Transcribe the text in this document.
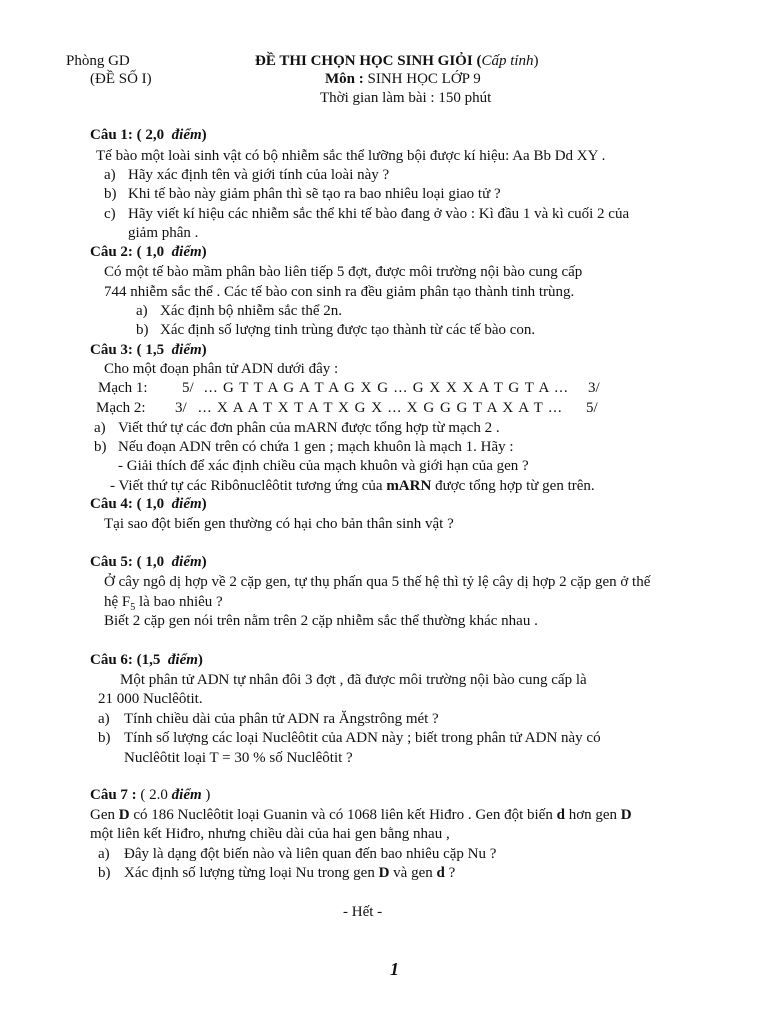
Phòng GD
(ĐỀ SỐ I)
ĐỀ THI CHỌN HỌC SINH GIỎI (Cấp tỉnh)
Môn : SINH HỌC LỚP 9
Thời gian làm bài : 150 phút
Câu 1: ( 2,0 điểm)
Tế bào một loài sinh vật có bộ nhiễm sắc thể lưỡng bội được kí hiệu: Aa Bb Dd XY .
a) Hãy xác định tên và giới tính của loài này ?
b) Khi tế bào này giảm phân thì sẽ tạo ra bao nhiêu loại giao tử ?
c) Hãy viết kí hiệu các nhiễm sắc thể khi tế bào đang ở vào : Kì đầu 1 và kì cuối 2 của
giảm phân .
Câu 2: ( 1,0 điểm)
Có một tế bào mầm phân bào liên tiếp 5 đợt, được môi trường nội bào cung cấp
744 nhiễm sắc thể . Các tế bào con sinh ra đều giảm phân tạo thành tinh trùng.
a) Xác định bộ nhiễm sắc thể 2n.
b) Xác định số lượng tinh trùng được tạo thành từ các tế bào con.
Câu 3: ( 1,5 điểm)
Cho một đoạn phân tử ADN dưới đây :
Mạch 1: 5/ ... G T T A G A T A G X G ... G X X X A T G T A ... 3/
Mạch 2: 3/ ... X A A T X T A T X G X ... X G G G T A X A T ... 5/
a) Viết thứ tự các đơn phân của mARN được tổng hợp từ mạch 2 .
b) Nếu đoạn ADN trên có chứa 1 gen ; mạch khuôn là mạch 1. Hãy :
- Giải thích để xác định chiều của mạch khuôn và giới hạn của gen ?
- Viết thứ tự các Ribônuclêôtit tương ứng của mARN được tổng hợp từ gen trên.
Câu 4: ( 1,0 điểm)
Tại sao đột biến gen thường có hại cho bản thân sinh vật ?
Câu 5: ( 1,0 điểm)
Ở cây ngô dị hợp về 2 cặp gen, tự thụ phấn qua 5 thế hệ thì tỷ lệ cây dị hợp 2 cặp gen ở thế
hệ $F_5$ là bao nhiêu ?
Biết 2 cặp gen nói trên nằm trên 2 cặp nhiễm sắc thể thường khác nhau .
Câu 6: (1,5 điểm)
Một phân tử ADN tự nhân đôi 3 đợt , đã được môi trường nội bào cung cấp là
21 000 Nuclêôtit.
a) Tính chiều dài của phân tử ADN ra Ăngstrông mét ?
b) Tính số lượng các loại Nuclêôtit của ADN này ; biết trong phân tử ADN này có
Nuclêôtit loại T = 30 % số Nuclêôtit ?
Câu 7 : ( 2.0 điểm )
Gen D có 186 Nuclêôtit loại Guanin và có 1068 liên kết Hiđro . Gen đột biến d hơn gen D
một liên kết Hiđro, nhưng chiều dài của hai gen bằng nhau ,
a) Đây là dạng đột biến nào và liên quan đến bao nhiêu cặp Nu ?
b) Xác định số lượng từng loại Nu trong gen D và gen d ?
- Hết -
1
